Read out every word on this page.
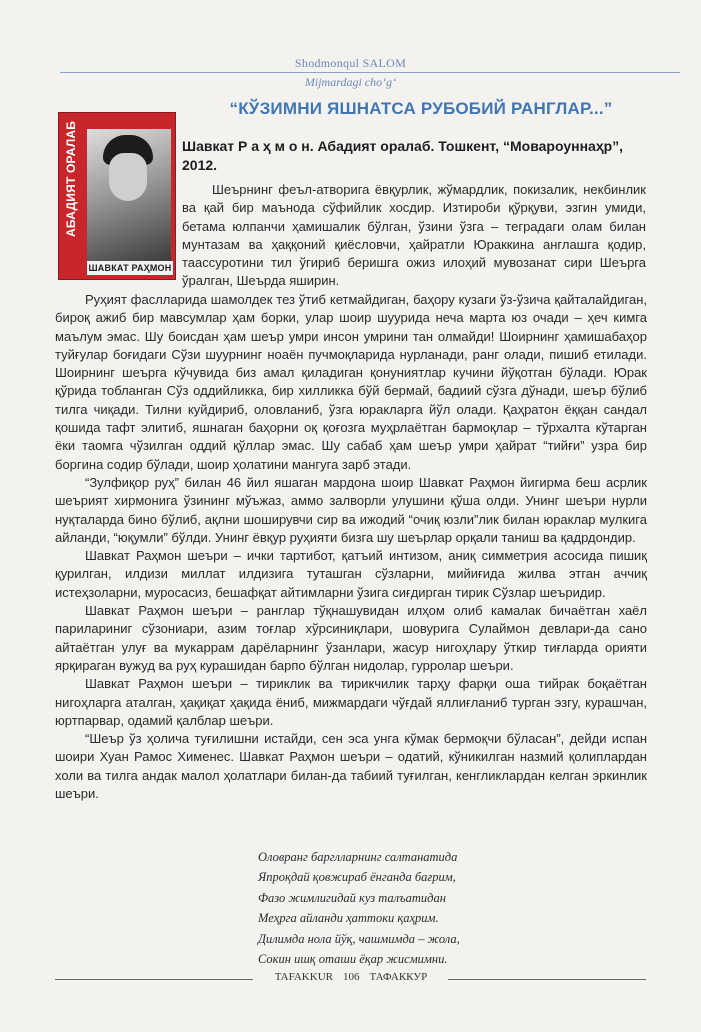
Shodmonqul SALOM
Mijmardagi cho‘g‘
АБАДИЯТ ОРАЛАБ
ШАВКАТ РАҲМОН
“КЎЗИМНИ ЯШНАТСА РУБОБИЙ РАНГЛАР...”
Шавкат Р а ҳ м о н. Абадият оралаб. Тошкент, “Мовароуннаҳр”, 2012.

Шеърнинг феъл-атворига ёвқурлик, жўмардлик, покизалик, некбинлик ва қай бир маънода сўфийлик хосдир. Изтироби қўрқуви, эзгин умиди, бетама юлпанчи ҳамишалик бўлган, ўзини ўзга – теградаги олам билан мунтазам ва ҳаққоний қиёсловчи, ҳайратли Юраккина англашга қодир, таассуротини тил ўгириб беришга ожиз илоҳий мувозанат сири Шеърга ўралган, Шеърда яширин.

Руҳият фаслларида шамолдек тез ўтиб кетмайдиган, баҳору кузаги ўз-ўзича қайталайдиган, бироқ ажиб бир мавсумлар ҳам борки, улар шоир шуурида неча марта юз очади – ҳеч кимга маълум эмас. Шу боисдан ҳам шеър умри инсон умрини тан олмайди! Шоирнинг ҳамишабаҳор туйғулар боғидаги Сўзи шуурнинг ноаён пучмоқларида нурланади, ранг олади, пишиб етилади. Шоирнинг шеърга кўчувида биз амал қиладиган қонуниятлар кучини йўқотган бўлади. Юрак қўрида тобланган Сўз оддийликка, бир хилликка бўй бермай, бадиий сўзга дўнади, шеър бўлиб тилга чиқади. Тилни куйдириб, оловланиб, ўзга юракларга йўл олади. Қаҳратон ёққан сандал қошида тафт элитиб, яшнаган баҳорни оқ қоғозга муҳрлаётган бармоқлар – тўрхалта кўтарган ёки таомга чўзилган оддий қўллар эмас. Шу сабаб ҳам шеър умри ҳайрат “тийғи” узра бир боргина содир бўлади, шоир ҳолатини мангуга зарб этади.

“Зулфиқор руҳ” билан 46 йил яшаган мардона шоир Шавкат Раҳмон йигирма беш асрлик шеърият хирмонига ўзининг мўъжаз, аммо залворли улушини қўша олди. Унинг шеъри нурли нуқталарда бино бўлиб, ақлни шоширувчи сир ва ижодий “очиқ юзли”лик билан юраклар мулкига айланди, “юқумли” бўлди. Унинг ёвқур руҳияти бизга шу шеърлар орқали таниш ва қадрдондир.

Шавкат Раҳмон шеъри – ички тартибот, қатъий интизом, аниқ симметрия асосида пишиқ қурилган, илдизи миллат илдизига туташган сўзларни, мийиғида жилва этган аччиқ истеҳзоларни, муросасиз, бешафқат айтимларни ўзига сиғдирган тирик Сўзлар шеъридир.

Шавкат Раҳмон шеъри – ранглар тўқнашувидан илҳом олиб камалак бичаётган хаёл парилариниг сўзониари, азим тоғлар хўрсиниқлари, шовурига Сулаймон девлари-да сано айтаётган улуғ ва мукаррам дарёларнинг ўзанлари, жасур нигоҳлару ўткир тиғларда орияти ярқираган вужуд ва руҳ курашидан барпо бўлган нидолар, гурролар шеъри.

Шавкат Раҳмон шеъри – тириклик ва тирикчилик тарҳу фарқи оша тийрак боқаётган нигоҳларга аталган, ҳақиқат ҳақида ёниб, мижмардаги чўғдай яллиғланиб турган эзгу, курашчан, юртпарвар, одамий қалблар шеъри.

“Шеър ўз ҳолича туғилишни истайди, сен эса унга кўмак бермоқчи бўласан”, дейди испан шоири Хуан Рамос Хименес. Шавкат Раҳмон шеъри – одатий, кўникилган назмий қолиплардан холи ва тилга андак малол ҳолатлари билан-да табиий туғилган, кенгликлардан келган эркинлик шеъри.

Оловранг барглларнинг салтанатида
Япроқдай қовжираб ёнганда бағрим,
Фазо жимлигидай куз талъатидан
Меҳрга айланди ҳаттоки қаҳрим.
Дилимда нола йўқ, чашмимда – жола,
Сокин ишқ оташи ёқар жисмимни.
TAFAKKUR 106 ТАФАККУР
